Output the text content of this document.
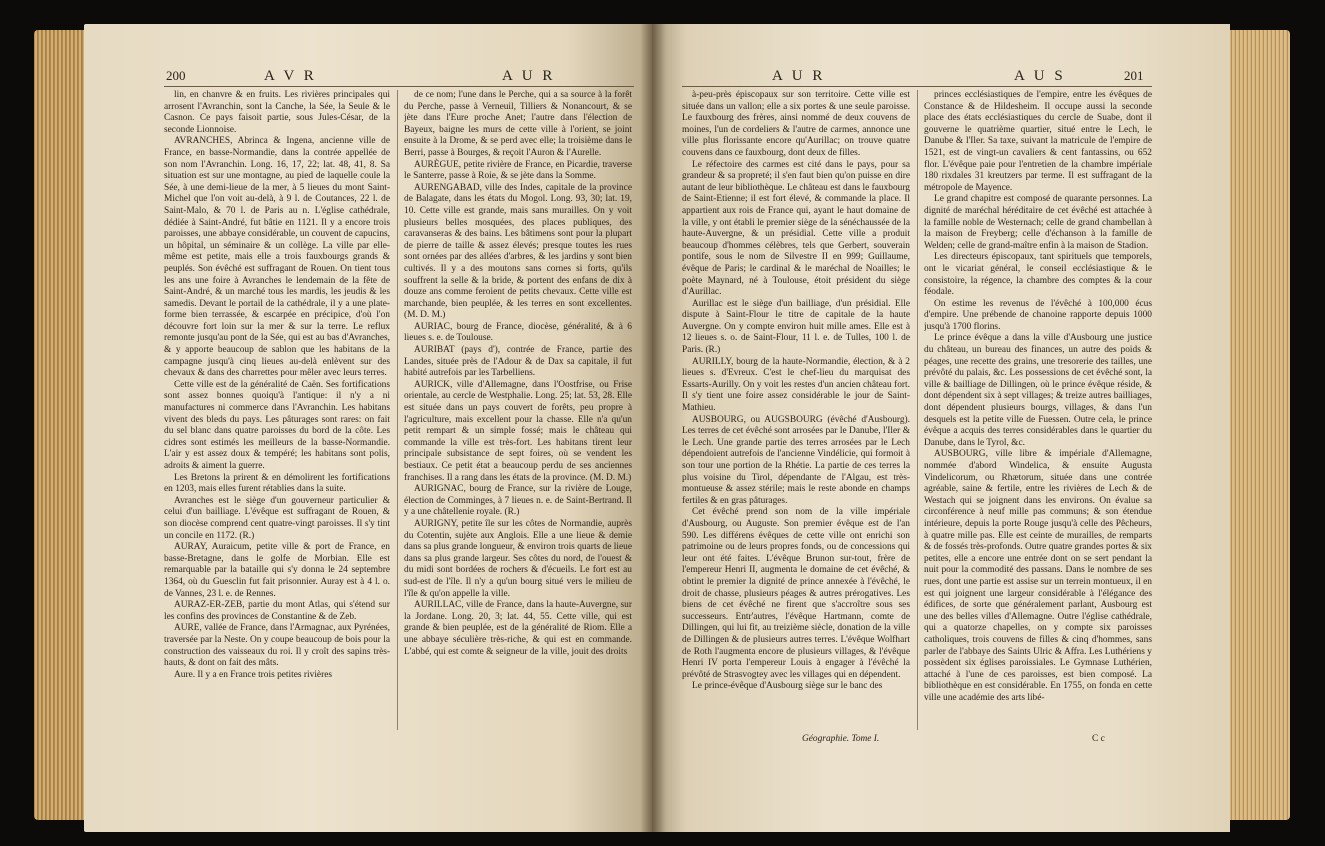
200	A V R	A U R

lin, en chanvre & en fruits. Les rivières principales qui arrosent l'Avranchin, sont la Canche, la Sée, la Seule & le Casnon. Ce pays faisoit partie, sous Jules-César, de la seconde Lionnoise.

AVRANCHES, Abrinca & Ingena, ancienne ville de France, en basse-Normandie, dans la contrée appellée de son nom l'Avranchin. Long. 16, 17, 22; lat. 48, 41, 8. Sa situation est sur une montagne, au pied de laquelle coule la Sée, à une demi-lieue de la mer, à 5 lieues du mont Saint-Michel que l'on voit au-delà, à 9 l. de Coutances, 22 l. de Saint-Malo, & 70 l. de Paris au n. L'église cathédrale, dédiée à Saint-André, fut bâtie en 1121. Il y a encore trois paroisses, une abbaye considérable, un couvent de capucins, un hôpital, un séminaire & un collège. La ville par elle-même est petite, mais elle a trois fauxbourgs grands & peuplés. Son évêché est suffragant de Rouen. On tient tous les ans une foire à Avranches le lendemain de la fête de Saint-André, & un marché tous les mardis, les jeudis & les samedis. Devant le portail de la cathédrale, il y a une plate-forme bien terrassée, & escarpée en précipice, d'où l'on découvre fort loin sur la mer & sur la terre. Le reflux remonte jusqu'au pont de la Sée, qui est au bas d'Avranches, & y apporte beaucoup de sablon que les habitans de la campagne jusqu'à cinq lieues au-delà enlèvent sur des chevaux & dans des charrettes pour mêler avec leurs terres.

Cette ville est de la généralité de Caën. Ses fortifications sont assez bonnes quoiqu'à l'antique: il n'y a ni manufactures ni commerce dans l'Avranchin. Les habitans vivent des bleds du pays. Les pâturages sont rares: on fait du sel blanc dans quatre paroisses du bord de la côte. Les cidres sont estimés les meilleurs de la basse-Normandie. L'air y est assez doux & tempéré; les habitans sont polis, adroits & aiment la guerre.

Les Bretons la prirent & en démolirent les fortifications en 1203, mais elles furent rétablies dans la suite.

Avranches est le siège d'un gouverneur particulier & celui d'un bailliage. L'évêque est suffragant de Rouen, & son diocèse comprend cent quatre-vingt paroisses. Il s'y tint un concile en 1172. (R.)

AURAY, Auraicum, petite ville & port de France, en basse-Bretagne, dans le golfe de Morbian. Elle est remarquable par la bataille qui s'y donna le 24 septembre 1364, où du Guesclin fut fait prisonnier. Auray est à 4 l. o. de Vannes, 23 l. e. de Rennes.

AURAZ-ER-ZEB, partie du mont Atlas, qui s'étend sur les confins des provinces de Constantine & de Zeb.

AURE, vallée de France, dans l'Armagnac, aux Pyrénées, traversée par la Neste. On y coupe beaucoup de bois pour la construction des vaisseaux du roi. Il y croît des sapins très-hauts, & dont on fait des mâts.

Aure. Il y a en France trois petites rivières

de ce nom; l'une dans le Perche, qui a sa source à la forêt du Perche, passe à Verneuil, Tilliers & Nonancourt, & se jète dans l'Eure proche Anet; l'autre dans l'élection de Bayeux, baigne les murs de cette ville à l'orient, se joint ensuite à la Drome, & se perd avec elle; la troisième dans le Berri, passe à Bourges, & reçoit l'Auron & l'Aurelle.

AURÈGUE, petite rivière de France, en Picardie, traverse le Santerre, passe à Roie, & se jète dans la Somme.

AURENGABAD, ville des Indes, capitale de la province de Balagate, dans les états du Mogol. Long. 93, 30; lat. 19, 10. Cette ville est grande, mais sans murailles. On y voit plusieurs belles mosquées, des places publiques, des caravanseras & des bains. Les bâtimens sont pour la plupart de pierre de taille & assez élevés; presque toutes les rues sont ornées par des allées d'arbres, & les jardins y sont bien cultivés. Il y a des moutons sans cornes si forts, qu'ils souffrent la selle & la bride, & portent des enfans de dix à douze ans comme feroient de petits chevaux. Cette ville est marchande, bien peuplée, & les terres en sont excellentes. (M. D. M.)

AURIAC, bourg de France, diocèse, généralité, & à 6 lieues s. e. de Toulouse.

AURIBAT (pays d'), contrée de France, partie des Landes, située près de l'Adour & de Dax sa capitale, il fut habité autrefois par les Tarbelliens.

AURICK, ville d'Allemagne, dans l'Oostfrise, ou Frise orientale, au cercle de Westphalie. Long. 25; lat. 53, 28. Elle est située dans un pays couvert de forêts, peu propre à l'agriculture, mais excellent pour la chasse. Elle n'a qu'un petit rempart & un simple fossé; mais le château qui commande la ville est très-fort. Les habitans tirent leur principale subsistance de sept foires, où se vendent les bestiaux. Ce petit état a beaucoup perdu de ses anciennes franchises. Il a rang dans les états de la province. (M. D. M.)

AURIGNAC, bourg de France, sur la rivière de Louge, élection de Comminges, à 7 lieues n. e. de Saint-Bertrand. Il y a une châtellenie royale. (R.)

AURIGNY, petite île sur les côtes de Normandie, auprès du Cotentin, sujète aux Anglois. Elle a une lieue & demie dans sa plus grande longueur, & environ trois quarts de lieue dans sa plus grande largeur. Ses côtes du nord, de l'ouest & du midi sont bordées de rochers & d'écueils. Le fort est au sud-est de l'île. Il n'y a qu'un bourg situé vers le milieu de l'île & qu'on appelle la ville.

AURILLAC, ville de France, dans la haute-Auvergne, sur la Jordane. Long. 20, 3; lat. 44, 55. Cette ville, qui est grande & bien peuplée, est de la généralité de Riom. Elle a une abbaye séculière très-riche, & qui est en commande. L'abbé, qui est comte & seigneur de la ville, jouit des droits

A U R	A U S	201

à-peu-près épiscopaux sur son territoire. Cette ville est située dans un vallon; elle a six portes & une seule paroisse. Le fauxbourg des frères, ainsi nommé de deux couvens de moines, l'un de cordeliers & l'autre de carmes, annonce une ville plus florissante encore qu'Aurillac; on trouve quatre couvens dans ce fauxbourg, dont deux de filles.

Le réfectoire des carmes est cité dans le pays, pour sa grandeur & sa propreté; il s'en faut bien qu'on puisse en dire autant de leur bibliothèque. Le château est dans le fauxbourg de Saint-Etienne; il est fort élevé, & commande la place. Il appartient aux rois de France qui, ayant le haut domaine de la ville, y ont établi le premier siège de la sénéchaussée de la haute-Auvergne, & un présidial. Cette ville a produit beaucoup d'hommes célèbres, tels que Gerbert, souverain pontife, sous le nom de Silvestre II en 999; Guillaume, évêque de Paris; le cardinal & le maréchal de Noailles; le poète Maynard, né à Toulouse, étoit président du siège d'Aurillac.

Aurillac est le siège d'un bailliage, d'un présidial. Elle dispute à Saint-Flour le titre de capitale de la haute Auvergne. On y compte environ huit mille ames. Elle est à 12 lieues s. o. de Saint-Flour, 11 l. e. de Tulles, 100 l. de Paris. (R.)

AURILLY, bourg de la haute-Normandie, élection, & à 2 lieues s. d'Evreux. C'est le chef-lieu du marquisat des Essarts-Aurilly. On y voit les restes d'un ancien château fort. Il s'y tient une foire assez considérable le jour de Saint-Mathieu.

AUSBOURG, ou AUGSBOURG (évêché d'Ausbourg). Les terres de cet évêché sont arrosées par le Danube, l'Iler & le Lech. Une grande partie des terres arrosées par le Lech dépendoient autrefois de l'ancienne Vindélicie, qui formoit à son tour une portion de la Rhétie. La partie de ces terres la plus voisine du Tirol, dépendante de l'Algau, est très-montueuse & assez stérile; mais le reste abonde en champs fertiles & en gras pâturages.

Cet évêché prend son nom de la ville impériale d'Ausbourg, ou Auguste. Son premier évêque est de l'an 590. Les différens évêques de cette ville ont enrichi son patrimoine ou de leurs propres fonds, ou de concessions qui leur ont été faites. L'évêque Brunon sur-tout, frère de l'empereur Henri II, augmenta le domaine de cet évêché, & obtint le premier la dignité de prince annexée à l'évêché, le droit de chasse, plusieurs péages & autres prérogatives. Les biens de cet évêché ne firent que s'accroître sous ses successeurs. Entr'autres, l'évêque Hartmann, comte de Dillingen, qui lui fit, au treizième siècle, donation de la ville de Dillingen & de plusieurs autres terres. L'évêque Wolfhart de Roth l'augmenta encore de plusieurs villages, & l'évêque Henri IV porta l'empereur Louis à engager à l'évêché la prévôté de Strasvogtey avec les villages qui en dépendent.

Le prince-évêque d'Ausbourg siège sur le banc des

princes ecclésiastiques de l'empire, entre les évêques de Constance & de Hildesheim. Il occupe aussi la seconde place des états ecclésiastiques du cercle de Suabe, dont il gouverne le quatrième quartier, situé entre le Lech, le Danube & l'Iler. Sa taxe, suivant la matricule de l'empire de 1521, est de vingt-un cavaliers & cent fantassins, ou 652 flor. L'évêque paie pour l'entretien de la chambre impériale 180 rixdales 31 kreutzers par terme. Il est suffragant de la métropole de Mayence.

Le grand chapitre est composé de quarante personnes. La dignité de maréchal héréditaire de cet évêché est attachée à la famille noble de Westernach; celle de grand chambellan à la maison de Freyberg; celle d'échanson à la famille de Welden; celle de grand-maître enfin à la maison de Stadion.

Les directeurs épiscopaux, tant spirituels que temporels, ont le vicariat général, le conseil ecclésiastique & le consistoire, la régence, la chambre des comptes & la cour féodale.

On estime les revenus de l'évêché à 100,000 écus d'empire. Une prébende de chanoine rapporte depuis 1000 jusqu'à 1700 florins.

Le prince évêque a dans la ville d'Ausbourg une justice du château, un bureau des finances, un autre des poids & péages, une recette des grains, une tresorerie des tailles, une prévôté du palais, &c. Les possessions de cet évêché sont, la ville & bailliage de Dillingen, où le prince évêque réside, & dont dépendent six à sept villages; & treize autres bailliages, dont dépendent plusieurs bourgs, villages, & dans l'un desquels est la petite ville de Fuessen. Outre cela, le prince évêque a acquis des terres considérables dans le quartier du Danube, dans le Tyrol, &c.

AUSBOURG, ville libre & impériale d'Allemagne, nommée d'abord Windelica, & ensuite Augusta Vindelicorum, ou Rhætorum, située dans une contrée agréable, saine & fertile, entre les rivières de Lech & de Westach qui se joignent dans les environs. On évalue sa circonférence à neuf mille pas communs; & son étendue intérieure, depuis la porte Rouge jusqu'à celle des Pêcheurs, à quatre mille pas. Elle est ceinte de murailles, de remparts & de fossés très-profonds. Outre quatre grandes portes & six petites, elle a encore une entrée dont on se sert pendant la nuit pour la commodité des passans. Dans le nombre de ses rues, dont une partie est assise sur un terrein montueux, il en est qui joignent une largeur considérable à l'élégance des édifices, de sorte que généralement parlant, Ausbourg est une des belles villes d'Allemagne. Outre l'église cathédrale, qui a quatorze chapelles, on y compte six paroisses catholiques, trois couvens de filles & cinq d'hommes, sans parler de l'abbaye des Saints Ulric & Affra. Les Luthériens y possèdent six églises paroissiales. Le Gymnase Luthérien, attaché à l'une de ces paroisses, est bien composé. La bibliothèque en est considérable. En 1755, on fonda en cette ville une académie des arts libé-

Géographie. Tome I.	C c
